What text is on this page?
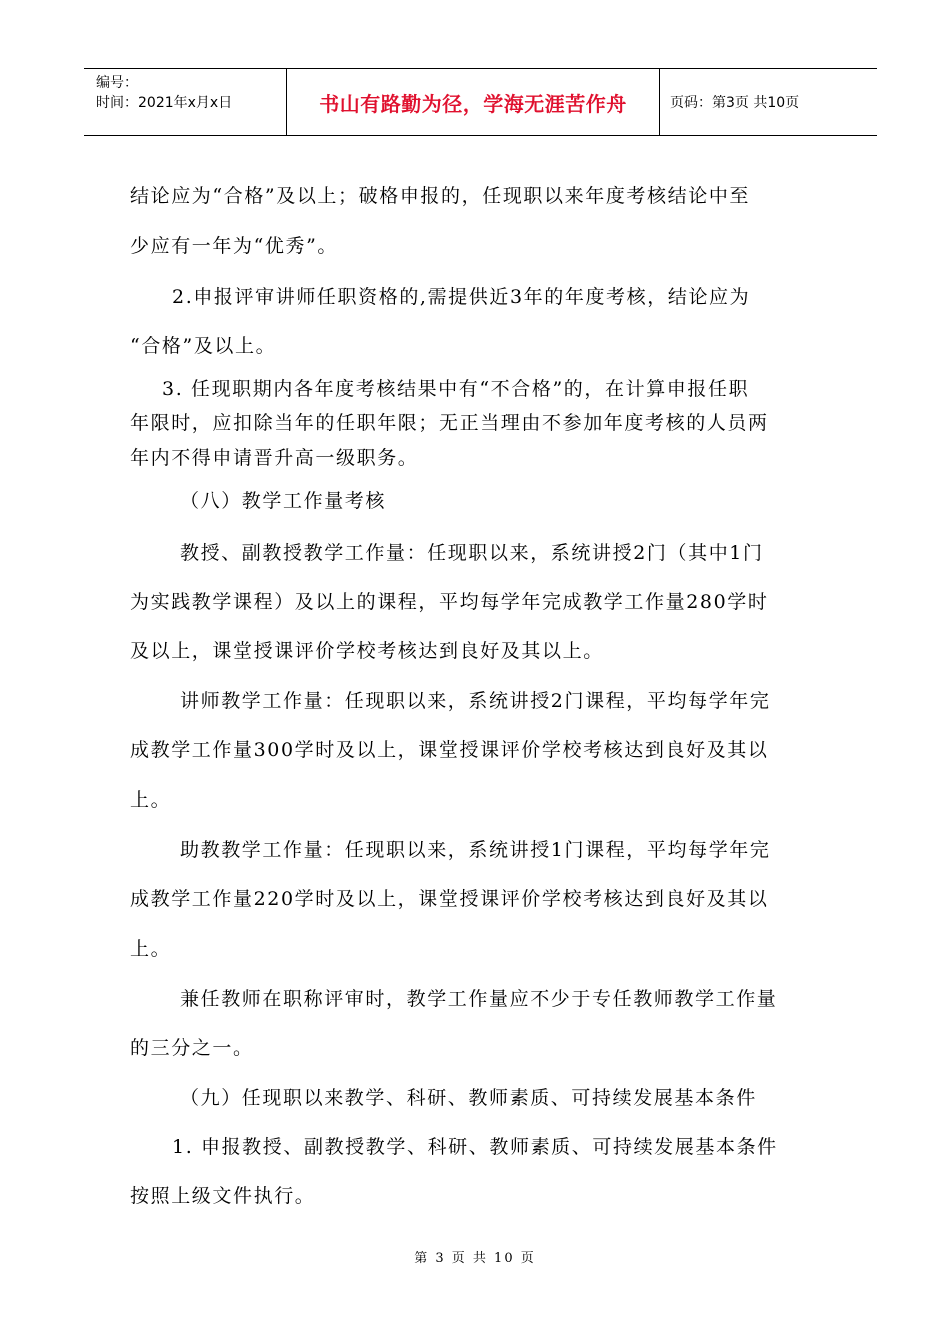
编号：
时间：2021年x月x日	书山有路勤为径，学海无涯苦作舟	页码：第3页 共10页

结论应为“合格”及以上；破格申报的，任现职以来年度考核结论中至

少应有一年为“优秀”。

2.申报评审讲师任职资格的,需提供近3年的年度考核，结论应为

“合格”及以上。

3. 任现职期内各年度考核结果中有“不合格”的，在计算申报任职

年限时，应扣除当年的任职年限；无正当理由不参加年度考核的人员两

年内不得申请晋升高一级职务。

（八）教学工作量考核

教授、副教授教学工作量：任现职以来，系统讲授2门（其中1门

为实践教学课程）及以上的课程，平均每学年完成教学工作量280学时

及以上，课堂授课评价学校考核达到良好及其以上。

讲师教学工作量：任现职以来，系统讲授2门课程，平均每学年完

成教学工作量300学时及以上，课堂授课评价学校考核达到良好及其以

上。

助教教学工作量：任现职以来，系统讲授1门课程，平均每学年完

成教学工作量220学时及以上，课堂授课评价学校考核达到良好及其以

上。

兼任教师在职称评审时，教学工作量应不少于专任教师教学工作量

的三分之一。

（九）任现职以来教学、科研、教师素质、可持续发展基本条件

1. 申报教授、副教授教学、科研、教师素质、可持续发展基本条件

按照上级文件执行。

第 3 页 共 10 页
